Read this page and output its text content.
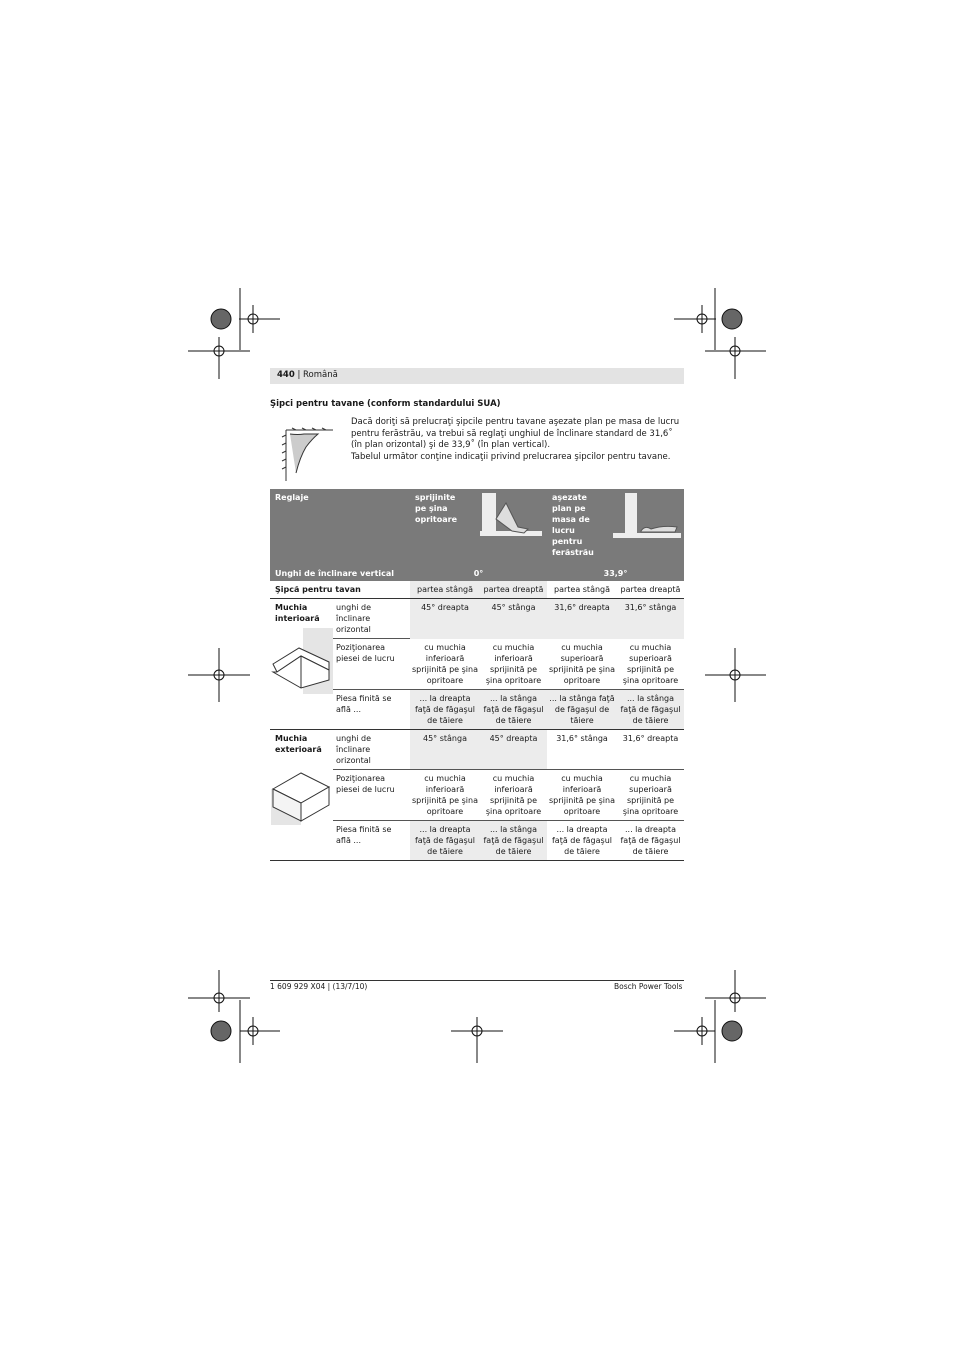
440 | Română
Şipci pentru tavane (conform standardului SUA)

Dacă doriţi să prelucraţi şipcile pentru tavane aşezate plan pe masa de lucru pentru ferăstrău, va trebui să reglaţi unghiul de înclinare standard de 31,6˚ (în plan orizontal) şi de 33,9˚ (în plan vertical).

Tabelul următor conţine indicaţii privind prelucrarea şipcilor pentru tavane.

Reglaje		sprijinite pe şina opritoare		aşezate plan pe masa de lucru pentru ferăstrău	

Unghi de înclinare vertical		0°		33,9°	
Şipcă pentru tavan		partea stângă	partea dreaptă	partea stângă	partea dreaptă

Muchia interioară	unghi de înclinare orizontal	45° dreapta	45° stânga	31,6° dreapta	31,6° stânga
	Poziţionarea piesei de lucru	cu muchia inferioară sprijinită pe şina opritoare	cu muchia inferioară sprijinită pe şina opritoare	cu muchia superioară sprijinită pe şina opritoare	cu muchia superioară sprijinită pe şina opritoare
	Piesa finită se află ...	... la dreapta faţă de făgaşul de tăiere	... la stânga faţă de făgaşul de tăiere	... la stânga faţă de făgaşul de tăiere	... la stânga faţă de făgaşul de tăiere

Muchia exterioară	unghi de înclinare orizontal	45° stânga	45° dreapta	31,6° stânga	31,6° dreapta
	Poziţionarea piesei de lucru	cu muchia inferioară sprijinită pe şina opritoare	cu muchia inferioară sprijinită pe şina opritoare	cu muchia inferioară sprijinită pe şina opritoare	cu muchia superioară sprijinită pe şina opritoare
	Piesa finită se află ...	... la dreapta faţă de făgaşul de tăiere	... la stânga faţă de făgaşul de tăiere	... la dreapta faţă de făgaşul de tăiere	... la dreapta faţă de făgaşul de tăiere
1 609 929 X04 | (13/7/10)	Bosch Power Tools
